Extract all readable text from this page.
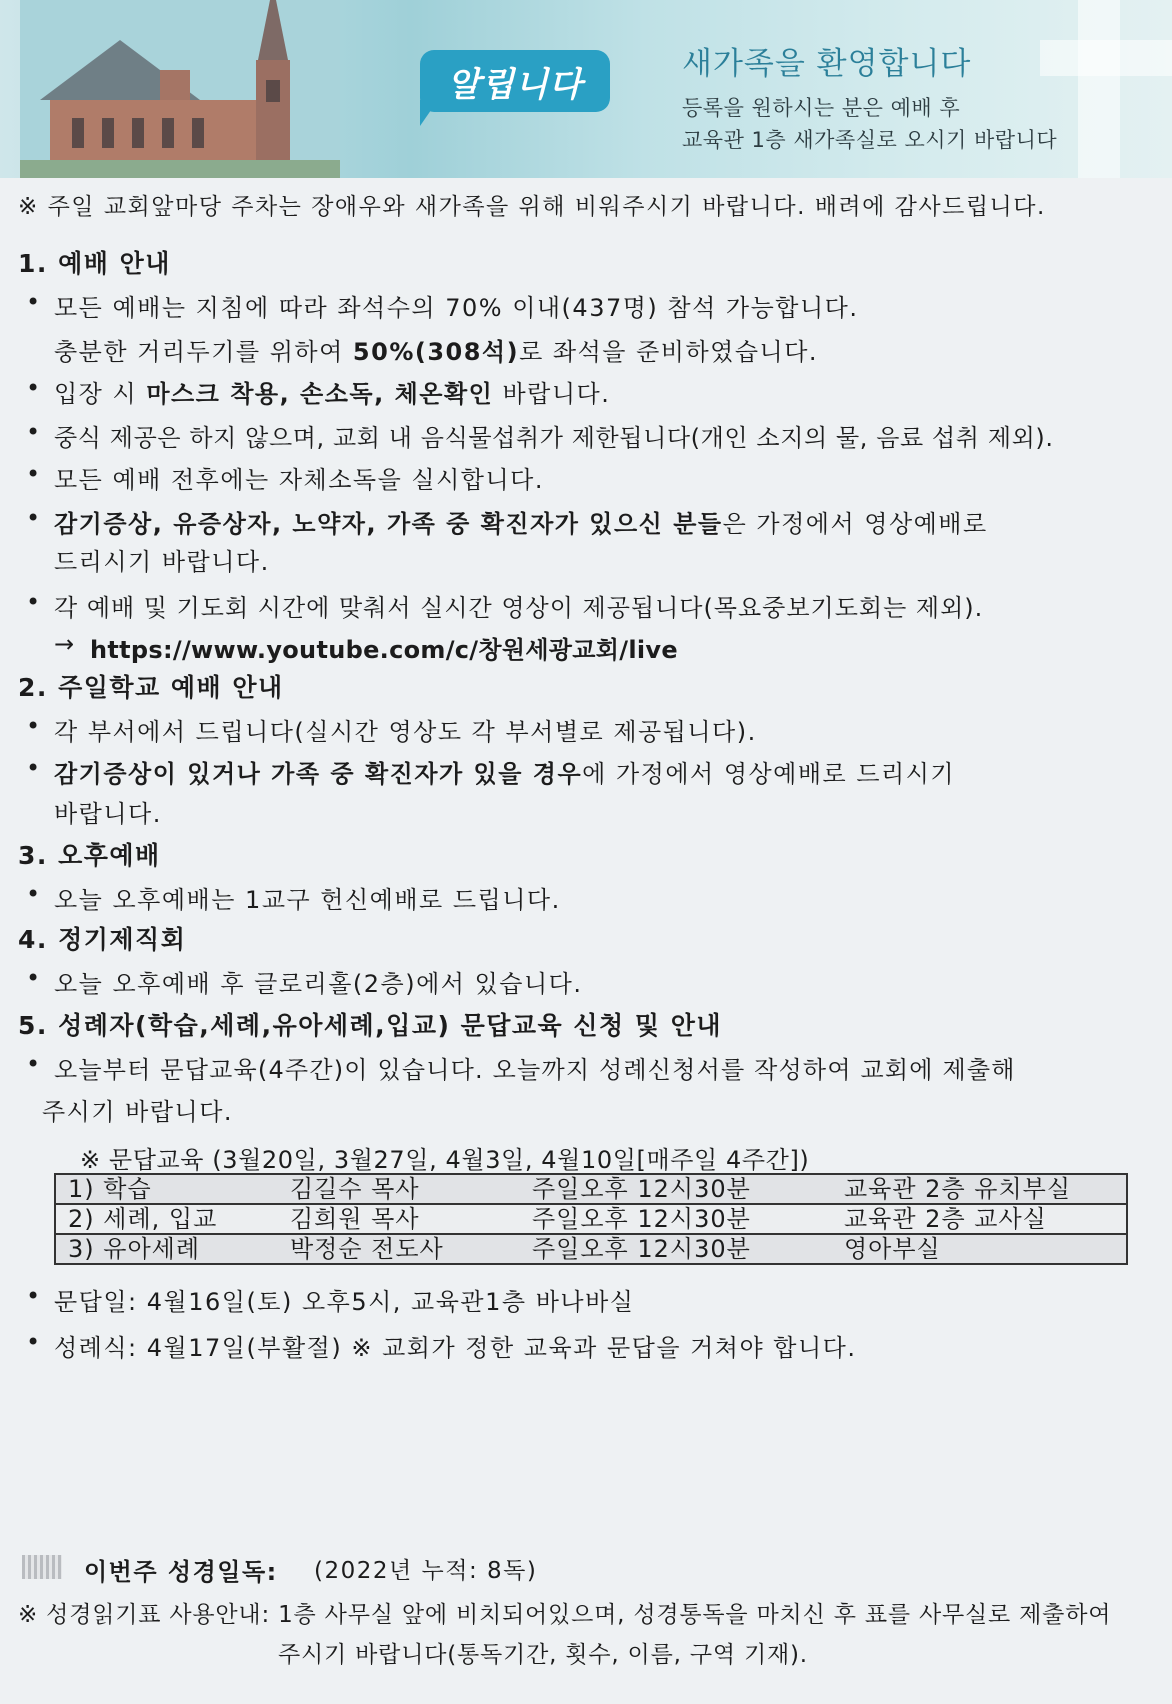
알립니다
새가족을 환영합니다
등록을 원하시는 분은 예배 후
교육관 1층 새가족실로 오시기 바랍니다
※ 주일 교회앞마당 주차는 장애우와 새가족을 위해 비워주시기 바랍니다. 배려에 감사드립니다.
1. 예배 안내
• 모든 예배는 지침에 따라 좌석수의 70% 이내(437명) 참석 가능합니다.
충분한 거리두기를 위하여 50%(308석)로 좌석을 준비하였습니다.
• 입장 시 마스크 착용, 손소독, 체온확인 바랍니다.
• 중식 제공은 하지 않으며, 교회 내 음식물섭취가 제한됩니다(개인 소지의 물, 음료 섭취 제외).
• 모든 예배 전후에는 자체소독을 실시합니다.
• 감기증상, 유증상자, 노약자, 가족 중 확진자가 있으신 분들은 가정에서 영상예배로
드리시기 바랍니다.
• 각 예배 및 기도회 시간에 맞춰서 실시간 영상이 제공됩니다(목요중보기도회는 제외).
→ https://www.youtube.com/c/창원세광교회/live
2. 주일학교 예배 안내
• 각 부서에서 드립니다(실시간 영상도 각 부서별로 제공됩니다).
• 감기증상이 있거나 가족 중 확진자가 있을 경우에 가정에서 영상예배로 드리시기
바랍니다.
3. 오후예배
• 오늘 오후예배는 1교구 헌신예배로 드립니다.
4. 정기제직회
• 오늘 오후예배 후 글로리홀(2층)에서 있습니다.
5. 성례자(학습,세례,유아세례,입교) 문답교육 신청 및 안내
• 오늘부터 문답교육(4주간)이 있습니다. 오늘까지 성례신청서를 작성하여 교회에 제출해
주시기 바랍니다.
※ 문답교육 (3월20일, 3월27일, 4월3일, 4월10일[매주일 4주간])
1) 학습	김길수 목사	주일오후 12시30분	교육관 2층 유치부실
2) 세례, 입교	김희원 목사	주일오후 12시30분	교육관 2층 교사실
3) 유아세례	박정순 전도사	주일오후 12시30분	영아부실
• 문답일: 4월16일(토) 오후5시, 교육관1층 바나바실
• 성례식: 4월17일(부활절) ※ 교회가 정한 교육과 문답을 거쳐야 합니다.
이번주 성경일독: (2022년 누적: 8독)
※ 성경읽기표 사용안내: 1층 사무실 앞에 비치되어있으며, 성경통독을 마치신 후 표를 사무실로 제출하여
주시기 바랍니다(통독기간, 횟수, 이름, 구역 기재).
